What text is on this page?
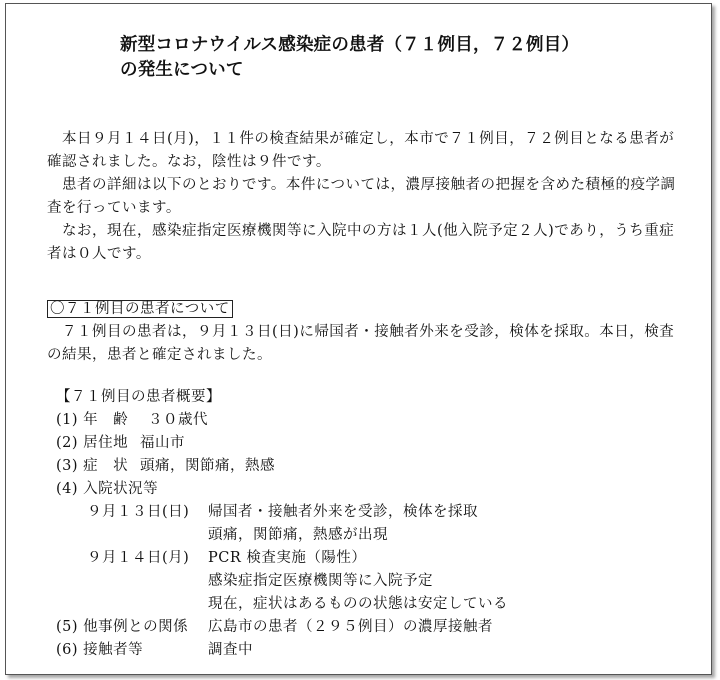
新型コロナウイルス感染症の患者（７１例目，７２例目）
の発生について
本日９月１４日(月)，１１件の検査結果が確定し，本市で７１例目，７２例目となる患者が
確認されました。なお，陰性は９件です。
患者の詳細は以下のとおりです。本件については，濃厚接触者の把握を含めた積極的疫学調
査を行っています。
なお，現在，感染症指定医療機関等に入院中の方は１人(他入院予定２人)であり，うち重症
者は０人です。
〇７１例目の患者について
７１例目の患者は，９月１３日(日)に帰国者・接触者外来を受診，検体を採取。本日，検査
の結果，患者と確定されました。
【７１例目の患者概要】
(1) 年　齢 ３０歳代
(2) 居住地 福山市
(3) 症　状 頭痛，関節痛，熱感
(4) 入院状況等
９月１３日(日) 帰国者・接触者外来を受診，検体を採取
頭痛，関節痛，熱感が出現
９月１４日(月) PCR 検査実施（陽性）
感染症指定医療機関等に入院予定
現在，症状はあるものの状態は安定している
(5) 他事例との関係 広島市の患者（２９５例目）の濃厚接触者
(6) 接触者等	調査中
